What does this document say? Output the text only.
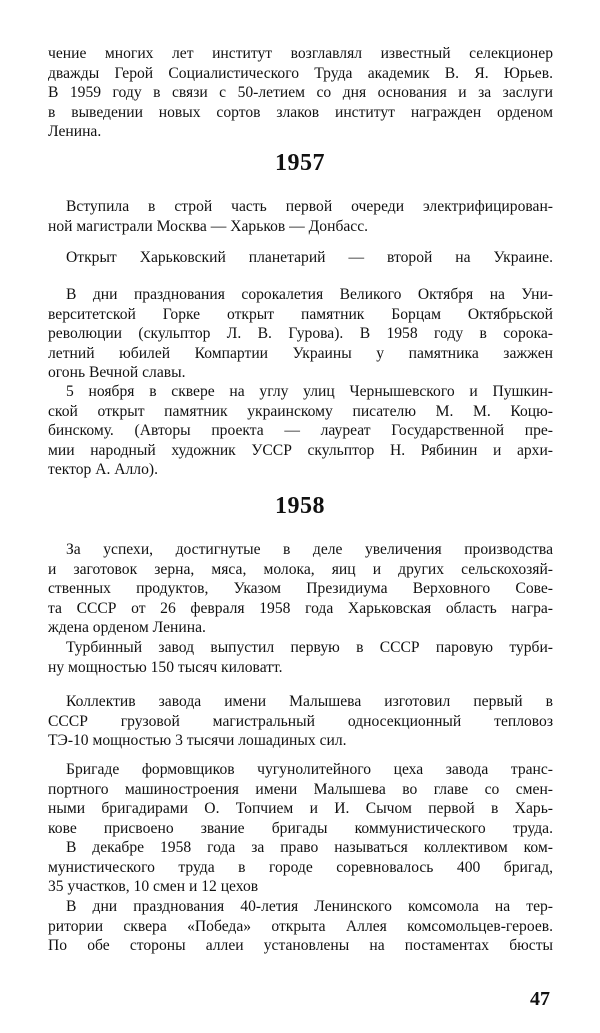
чение многих лет институт возглавлял известный селекционер
дважды Герой Социалистического Труда академик В. Я. Юрьев.
В 1959 году в связи с 50-летием со дня основания и за заслуги
в выведении новых сортов злаков институт награжден орденом
Ленина.
1957
Вступила в строй часть первой очереди электрифицирован-
ной магистрали Москва — Харьков — Донбасс.
Открыт Харьковский планетарий — второй на Украине.
В дни празднования сорокалетия Великого Октября на Уни-
верситетской Горке открыт памятник Борцам Октябрьской
революции (скульптор Л. В. Гурова). В 1958 году в сорока-
летний юбилей Компартии Украины у памятника зажжен
огонь Вечной славы.
5 ноября в сквере на углу улиц Чернышевского и Пушкин-
ской открыт памятник украинскому писателю М. М. Коцю-
бинскому. (Авторы проекта — лауреат Государственной пре-
мии народный художник УССР скульптор Н. Рябинин и архи-
тектор А. Алло).
1958
За успехи, достигнутые в деле увеличения производства
и заготовок зерна, мяса, молока, яиц и других сельскохозяй-
ственных продуктов, Указом Президиума Верховного Сове-
та СССР от 26 февраля 1958 года Харьковская область награ-
ждена орденом Ленина.
Турбинный завод выпустил первую в СССР паровую турби-
ну мощностью 150 тысяч киловатт.
Коллектив завода имени Малышева изготовил первый в
СССР грузовой магистральный односекционный тепловоз
ТЭ-10 мощностью 3 тысячи лошадиных сил.
Бригаде формовщиков чугунолитейного цеха завода транс-
портного машиностроения имени Малышева во главе со смен-
ными бригадирами О. Топчием и И. Сычом первой в Харь-
кове присвоено звание бригады коммунистического труда.
В декабре 1958 года за право называться коллективом ком-
мунистического труда в городе соревновалось 400 бригад,
35 участков, 10 смен и 12 цехов
В дни празднования 40-летия Ленинского комсомола на тер-
ритории сквера «Победа» открыта Аллея комсомольцев-героев.
По обе стороны аллеи установлены на постаментах бюсты
47
